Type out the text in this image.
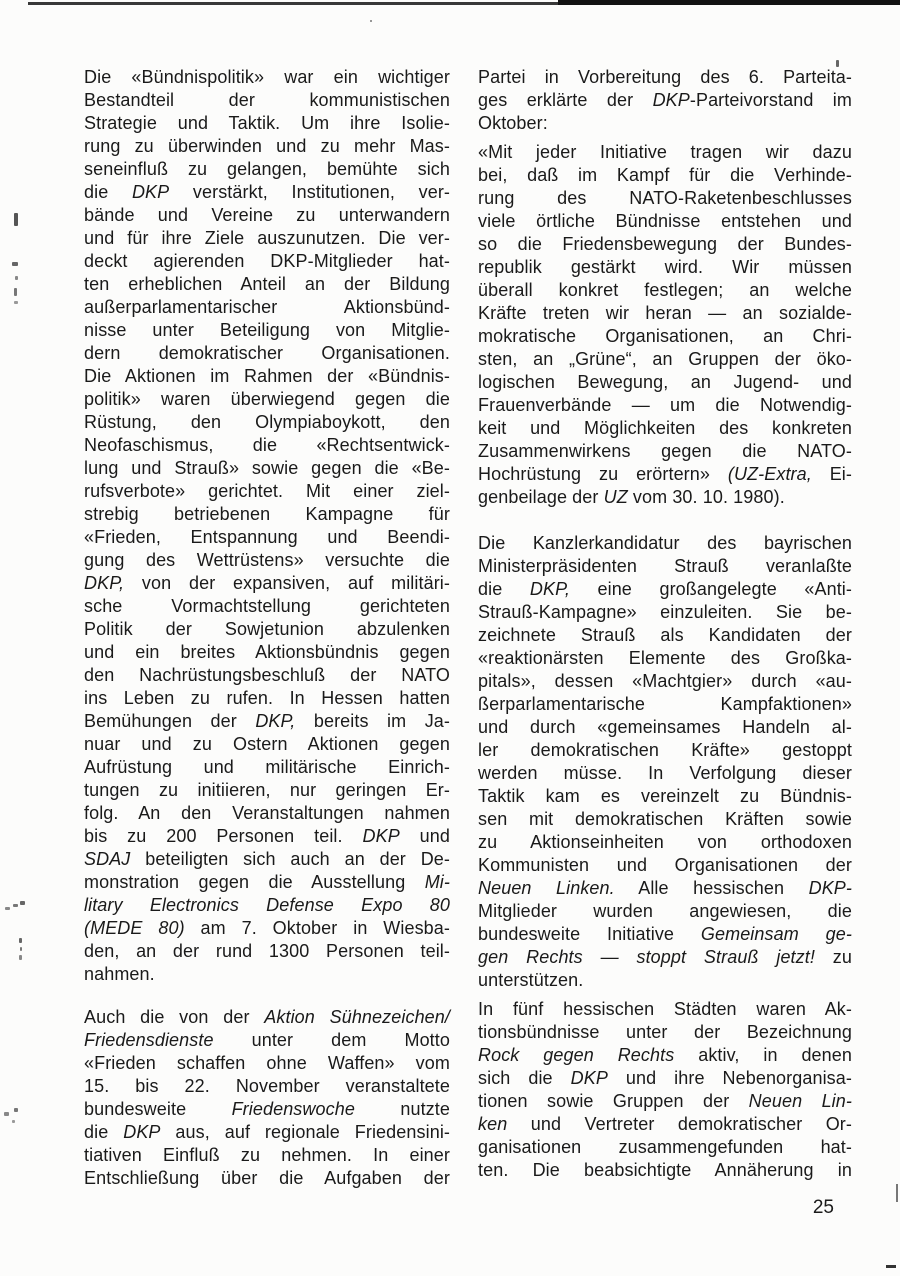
Die «Bündnispolitik» war ein wichtiger
Bestandteil der kommunistischen
Strategie und Taktik. Um ihre Isolie-
rung zu überwinden und zu mehr Mas-
seneinfluß zu gelangen, bemühte sich
die DKP verstärkt, Institutionen, ver-
bände und Vereine zu unterwandern
und für ihre Ziele auszunutzen. Die ver-
deckt agierenden DKP-Mitglieder hat-
ten erheblichen Anteil an der Bildung
außerparlamentarischer Aktionsbünd-
nisse unter Beteiligung von Mitglie-
dern demokratischer Organisationen.
Die Aktionen im Rahmen der «Bündnis-
politik» waren überwiegend gegen die
Rüstung, den Olympiaboykott, den
Neofaschismus, die «Rechtsentwick-
lung und Strauß» sowie gegen die «Be-
rufsverbote» gerichtet. Mit einer ziel-
strebig betriebenen Kampagne für
«Frieden, Entspannung und Beendi-
gung des Wettrüstens» versuchte die
DKP, von der expansiven, auf militäri-
sche Vormachtstellung gerichteten
Politik der Sowjetunion abzulenken
und ein breites Aktionsbündnis gegen
den Nachrüstungsbeschluß der NATO
ins Leben zu rufen. In Hessen hatten
Bemühungen der DKP, bereits im Ja-
nuar und zu Ostern Aktionen gegen
Aufrüstung und militärische Einrich-
tungen zu initiieren, nur geringen Er-
folg. An den Veranstaltungen nahmen
bis zu 200 Personen teil. DKP und
SDAJ beteiligten sich auch an der De-
monstration gegen die Ausstellung Mi-
litary Electronics Defense Expo 80
(MEDE 80) am 7. Oktober in Wiesba-
den, an der rund 1300 Personen teil-
nahmen.
Auch die von der Aktion Sühnezeichen/
Friedensdienste unter dem Motto
«Frieden schaffen ohne Waffen» vom
15. bis 22. November veranstaltete
bundesweite Friedenswoche nutzte
die DKP aus, auf regionale Friedensini-
tiativen Einfluß zu nehmen. In einer
Entschließung über die Aufgaben der
Partei in Vorbereitung des 6. Parteita-
ges erklärte der DKP-Parteivorstand im
Oktober:
«Mit jeder Initiative tragen wir dazu
bei, daß im Kampf für die Verhinde-
rung des NATO-Raketenbeschlusses
viele örtliche Bündnisse entstehen und
so die Friedensbewegung der Bundes-
republik gestärkt wird. Wir müssen
überall konkret festlegen; an welche
Kräfte treten wir heran — an sozialde-
mokratische Organisationen, an Chri-
sten, an „Grüne“, an Gruppen der öko-
logischen Bewegung, an Jugend- und
Frauenverbände — um die Notwendig-
keit und Möglichkeiten des konkreten
Zusammenwirkens gegen die NATO-
Hochrüstung zu erörtern» (UZ-Extra, Ei-
genbeilage der UZ vom 30. 10. 1980).
Die Kanzlerkandidatur des bayrischen
Ministerpräsidenten Strauß veranlaßte
die DKP, eine großangelegte «Anti-
Strauß-Kampagne» einzuleiten. Sie be-
zeichnete Strauß als Kandidaten der
«reaktionärsten Elemente des Großka-
pitals», dessen «Machtgier» durch «au-
ßerparlamentarische Kampfaktionen»
und durch «gemeinsames Handeln al-
ler demokratischen Kräfte» gestoppt
werden müsse. In Verfolgung dieser
Taktik kam es vereinzelt zu Bündnis-
sen mit demokratischen Kräften sowie
zu Aktionseinheiten von orthodoxen
Kommunisten und Organisationen der
Neuen Linken. Alle hessischen DKP-
Mitglieder wurden angewiesen, die
bundesweite Initiative Gemeinsam ge-
gen Rechts — stoppt Strauß jetzt! zu
unterstützen.
In fünf hessischen Städten waren Ak-
tionsbündnisse unter der Bezeichnung
Rock gegen Rechts aktiv, in denen
sich die DKP und ihre Nebenorganisa-
tionen sowie Gruppen der Neuen Lin-
ken und Vertreter demokratischer Or-
ganisationen zusammengefunden hat-
ten. Die beabsichtigte Annäherung in
25
